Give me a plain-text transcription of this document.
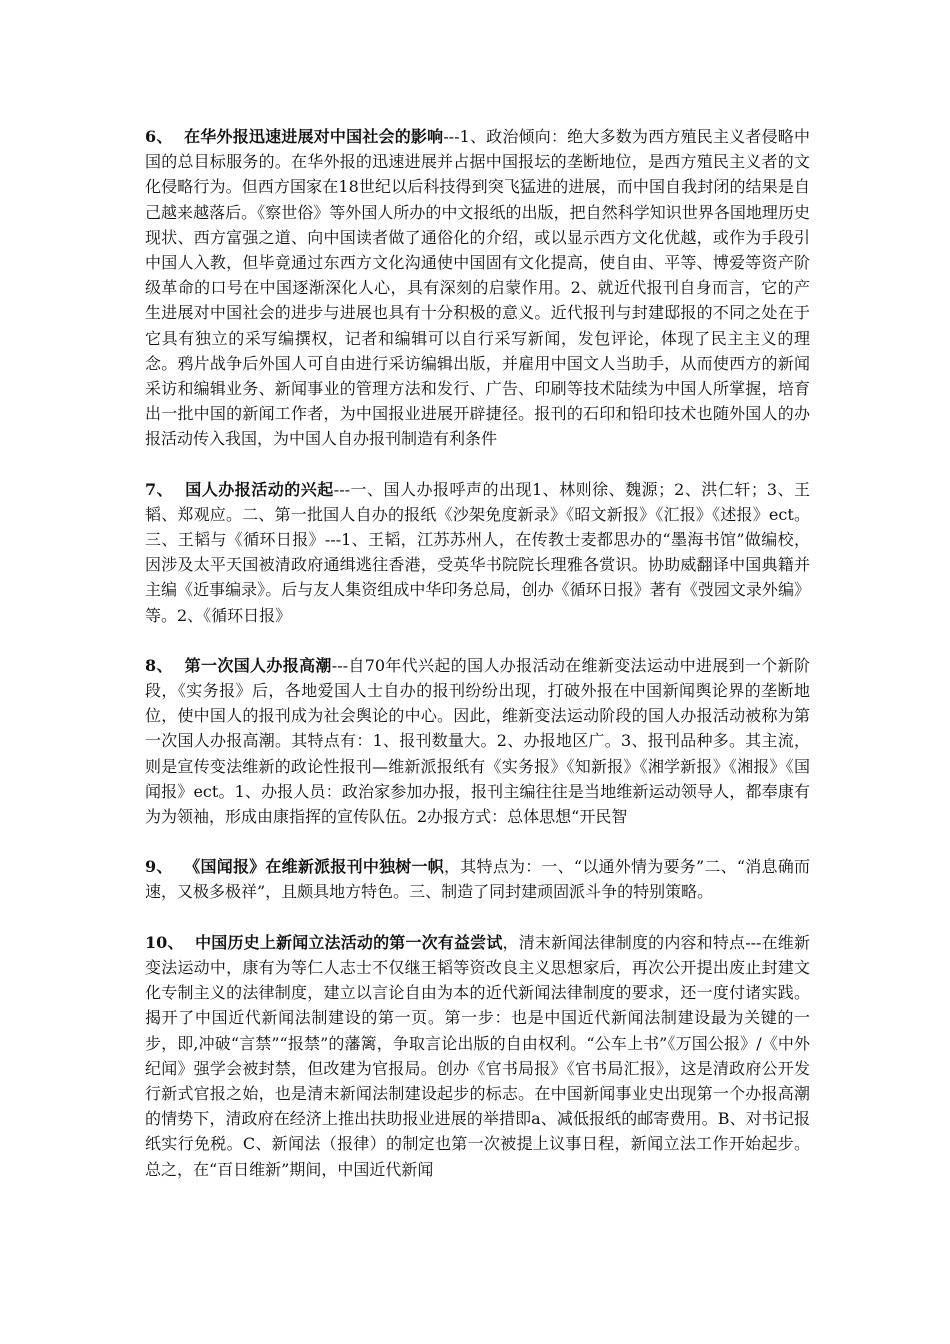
6、 在华外报迅速进展对中国社会的影响---1、政治倾向：绝大多数为西方殖民主义者侵略中国的总目标服务的。在华外报的迅速进展并占据中国报坛的垄断地位，是西方殖民主义者的文化侵略行为。但西方国家在18世纪以后科技得到突飞猛进的进展，而中国自我封闭的结果是自己越来越落后。《察世俗》等外国人所办的中文报纸的出版，把自然科学知识世界各国地理历史现状、西方富强之道、向中国读者做了通俗化的介绍，或以显示西方文化优越，或作为手段引中国人入教，但毕竟通过东西方文化沟通使中国固有文化提高，使自由、平等、博爱等资产阶级革命的口号在中国逐渐深化人心，具有深刻的启蒙作用。2、就近代报刊自身而言，它的产生进展对中国社会的进步与进展也具有十分积极的意义。近代报刊与封建邸报的不同之处在于它具有独立的采写编撰权，记者和编辑可以自行采写新闻，发包评论，体现了民主主义的理念。鸦片战争后外国人可自由进行采访编辑出版，并雇用中国文人当助手，从而使西方的新闻采访和编辑业务、新闻事业的管理方法和发行、广告、印刷等技术陆续为中国人所掌握，培育出一批中国的新闻工作者，为中国报业进展开辟捷径。报刊的石印和铅印技术也随外国人的办报活动传入我国，为中国人自办报刊制造有利条件

7、 国人办报活动的兴起---一、国人办报呼声的出现1、林则徐、魏源；2、洪仁轩；3、王韬、郑观应。二、第一批国人自办的报纸《沙架免度新录》《昭文新报》《汇报》《述报》ect。三、王韬与《循环日报》---1、王韬，江苏苏州人，在传教士麦都思办的“墨海书馆”做编校，因涉及太平天国被清政府通缉逃往香港，受英华书院院长理雅各赏识。协助威翻译中国典籍并主编《近事编录》。后与友人集资组成中华印务总局，创办《循环日报》著有《弢园文录外编》等。2、《循环日报》

8、 第一次国人办报高潮---自70年代兴起的国人办报活动在维新变法运动中进展到一个新阶段，《实务报》后，各地爱国人士自办的报刊纷纷出现，打破外报在中国新闻舆论界的垄断地位，使中国人的报刊成为社会舆论的中心。因此，维新变法运动阶段的国人办报活动被称为第一次国人办报高潮。其特点有：1、报刊数量大。2、办报地区广。3、报刊品种多。其主流，则是宣传变法维新的政论性报刊—维新派报纸有《实务报》《知新报》《湘学新报》《湘报》《国闻报》ect。1、办报人员：政治家参加办报，报刊主编往往是当地维新运动领导人，都奉康有为为领袖，形成由康指挥的宣传队伍。2办报方式：总体思想“开民智

9、 《国闻报》在维新派报刊中独树一帜，其特点为：一、“以通外情为要务”二、“消息确而速，又极多极祥”，且颇具地方特色。三、制造了同封建顽固派斗争的特别策略。

10、 中国历史上新闻立法活动的第一次有益尝试，清末新闻法律制度的内容和特点---在维新变法运动中，康有为等仁人志士不仅继王韬等资改良主义思想家后，再次公开提出废止封建文化专制主义的法律制度，建立以言论自由为本的近代新闻法律制度的要求，还一度付诸实践。揭开了中国近代新闻法制建设的第一页。第一步：也是中国近代新闻法制建设最为关键的一步，即,冲破“言禁”“报禁”的藩篱，争取言论出版的自由权利。“公车上书”《万国公报》/《中外纪闻》强学会被封禁，但改建为官报局。创办《官书局报》《官书局汇报》，这是清政府公开发行新式官报之始，也是清末新闻法制建设起步的标志。在中国新闻事业史出现第一个办报高潮的情势下，清政府在经济上推出扶助报业进展的举措即a、减低报纸的邮寄费用。B、对书记报纸实行免税。C、新闻法（报律）的制定也第一次被提上议事日程，新闻立法工作开始起步。总之，在“百日维新”期间，中国近代新闻
